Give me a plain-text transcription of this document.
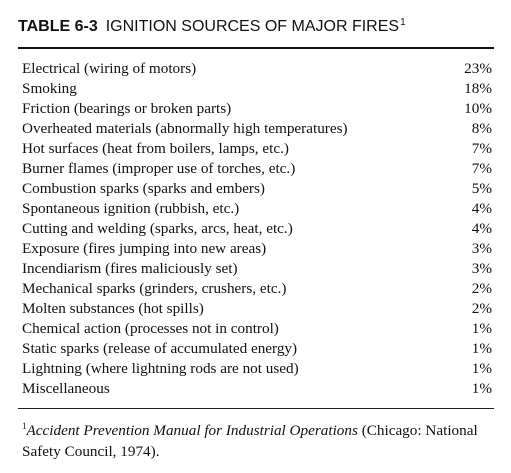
TABLE 6-3 IGNITION SOURCES OF MAJOR FIRES$^1$
Electrical (wiring of motors)	23%
Smoking	18%
Friction (bearings or broken parts)	10%
Overheated materials (abnormally high temperatures)	8%
Hot surfaces (heat from boilers, lamps, etc.)	7%
Burner flames (improper use of torches, etc.)	7%
Combustion sparks (sparks and embers)	5%
Spontaneous ignition (rubbish, etc.)	4%
Cutting and welding (sparks, arcs, heat, etc.)	4%
Exposure (fires jumping into new areas)	3%
Incendiarism (fires maliciously set)	3%
Mechanical sparks (grinders, crushers, etc.)	2%
Molten substances (hot spills)	2%
Chemical action (processes not in control)	1%
Static sparks (release of accumulated energy)	1%
Lightning (where lightning rods are not used)	1%
Miscellaneous	1%
$^1$Accident Prevention Manual for Industrial Operations (Chicago: National Safety Council, 1974).
